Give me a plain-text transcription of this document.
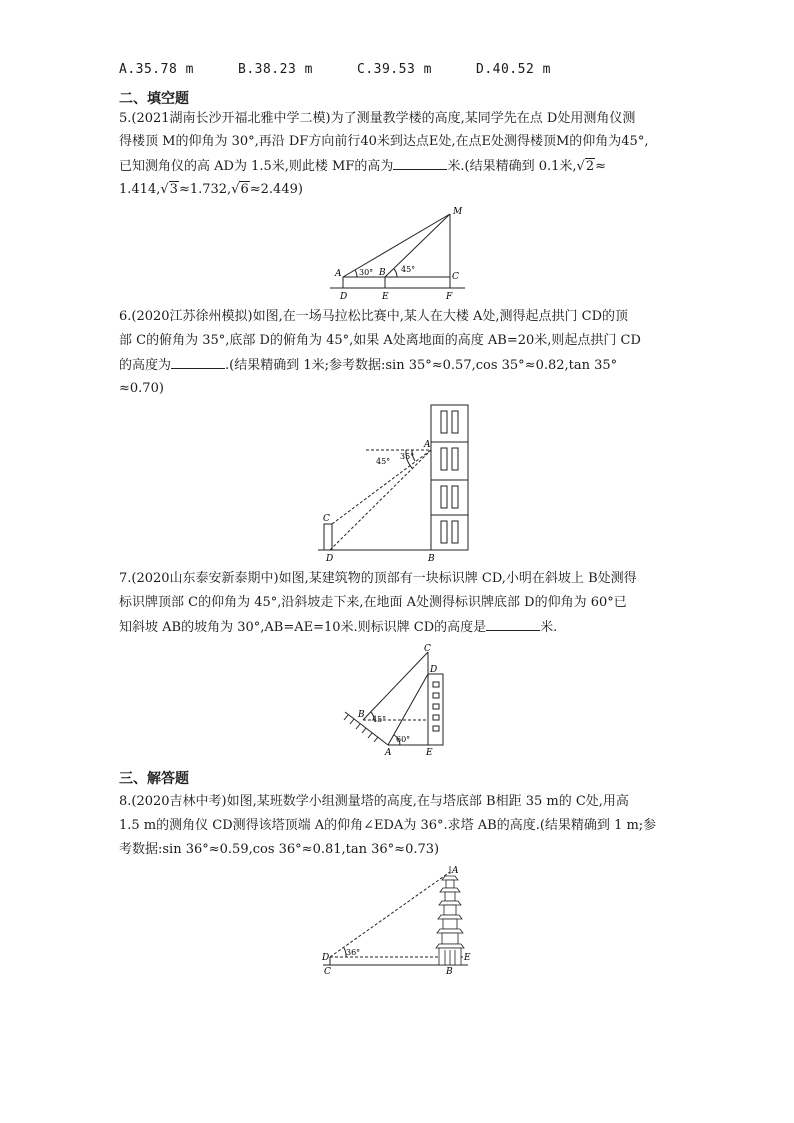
A.35.78 m	B.38.23 m	C.39.53 m	D.40.52 m
二、填空题
5.(2021湖南长沙开福北雅中学二模)为了测量教学楼的高度,某同学先在点 D处用测角仪测
得楼顶 M的仰角为 30°,再沿 DF方向前行40米到达点E处,在点E处测得楼顶M的仰角为45°,
已知测角仪的高 AD为 1.5米,则此楼 MF的高为	米.(结果精确到 0.1米,√2≈
1.414,√3≈1.732,√6≈2.449)
M
A	B	C
D	E	F
30°	45°
6.(2020江苏徐州模拟)如图,在一场马拉松比赛中,某人在大楼 A处,测得起点拱门 CD的顶
部 C的俯角为 35°,底部 D的俯角为 45°,如果 A处离地面的高度 AB=20米,则起点拱门 CD
的高度为	.(结果精确到 1米;参考数据:sin 35°≈0.57,cos 35°≈0.82,tan 35°
≈0.70)
A
B
C
D
45°
35°
7.(2020山东泰安新泰期中)如图,某建筑物的顶部有一块标识牌 CD,小明在斜坡上 B处测得
标识牌顶部 C的仰角为 45°,沿斜坡走下来,在地面 A处测得标识牌底部 D的仰角为 60°已
知斜坡 AB的坡角为 30°,AB=AE=10米.则标识牌 CD的高度是	米.
C
D
B
A	E
45°
60°
三、解答题
8.(2020吉林中考)如图,某班数学小组测量塔的高度,在与塔底部 B相距 35 m的 C处,用高
1.5 m的测角仪 CD测得该塔顶端 A的仰角∠EDA为 36°.求塔 AB的高度.(结果精确到 1 m;参
考数据:sin 36°≈0.59,cos 36°≈0.81,tan 36°≈0.73)
A
D
C	B
E
36°
